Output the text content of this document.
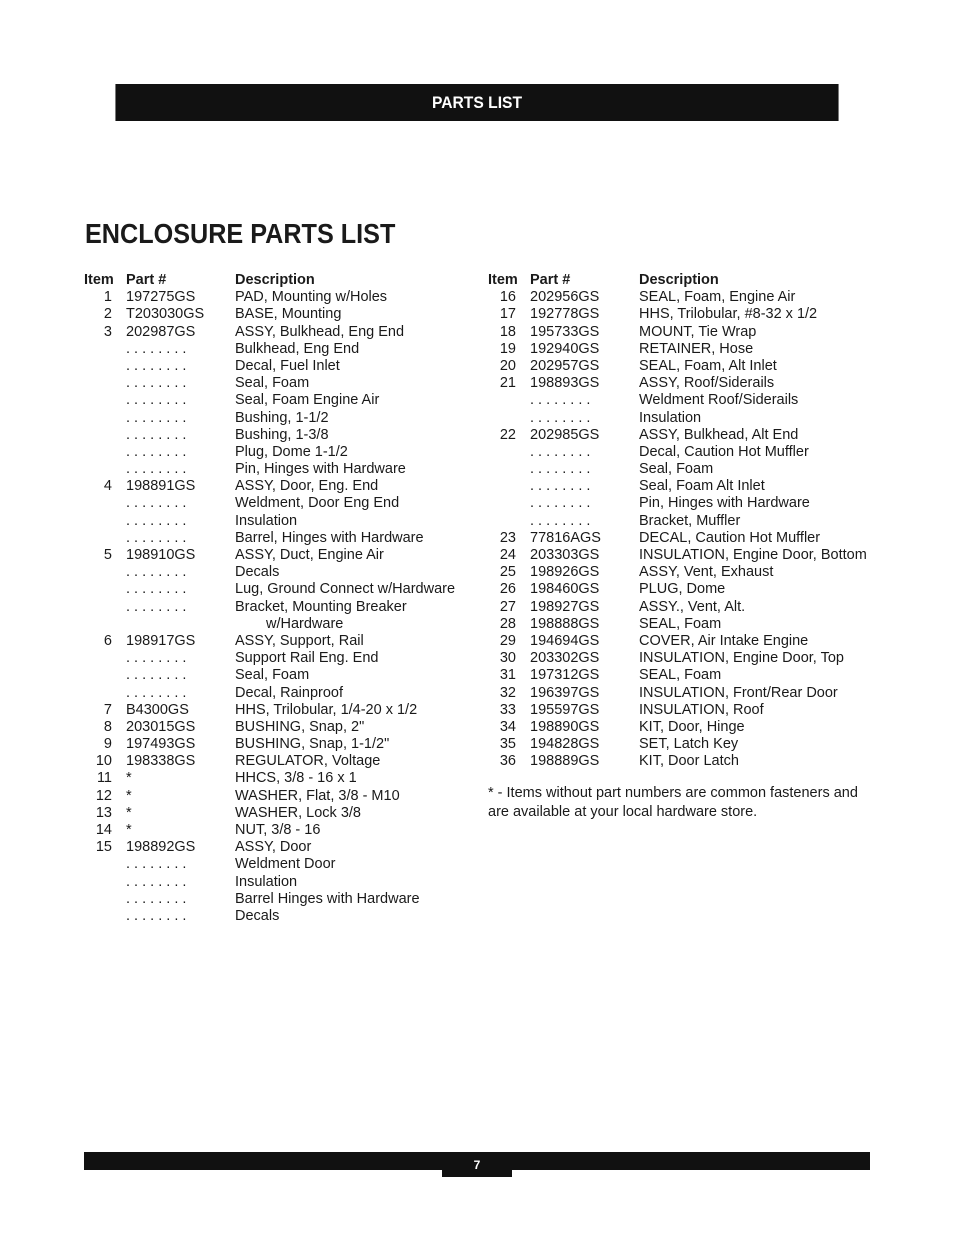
PARTS LIST
ENCLOSURE PARTS LIST
Item Part #	Description
1 197275GS	PAD, Mounting w/Holes
2 T203030GS BASE, Mounting
3 202987GS	ASSY, Bulkhead, Eng End
. . . . . . . .	Bulkhead, Eng End
. . . . . . . .	Decal, Fuel Inlet
. . . . . . . .	Seal, Foam
. . . . . . . .	Seal, Foam Engine Air
. . . . . . . .	Bushing, 1-1/2
. . . . . . . .	Bushing, 1-3/8
. . . . . . . .	Plug, Dome 1-1/2
. . . . . . . .	Pin, Hinges with Hardware
4 198891GS	ASSY, Door, Eng. End
. . . . . . . .	Weldment, Door Eng End
. . . . . . . .	Insulation
. . . . . . . .	Barrel, Hinges with Hardware
5 198910GS	ASSY, Duct, Engine Air
. . . . . . . .	Decals
. . . . . . . .	Lug, Ground Connect w/Hardware
. . . . . . . .	Bracket, Mounting Breaker
w/Hardware
6 198917GS	ASSY, Support, Rail
. . . . . . . .	Support Rail Eng. End
. . . . . . . .	Seal, Foam
. . . . . . . .	Decal, Rainproof
7 B4300GS	HHS, Trilobular, 1/4-20 x 1/2
8 203015GS	BUSHING, Snap, 2"
9 197493GS	BUSHING, Snap, 1-1/2"
10 198338GS	REGULATOR, Voltage
11 *	HHCS, 3/8 - 16 x 1
12 *	WASHER, Flat, 3/8 - M10
13 *	WASHER, Lock 3/8
14 *	NUT, 3/8 - 16
15 198892GS	ASSY, Door
. . . . . . . .	Weldment Door
. . . . . . . .	Insulation
. . . . . . . .	Barrel Hinges with Hardware
. . . . . . . .	Decals
Item Part #	Description
16 202956GS	SEAL, Foam, Engine Air
17 192778GS	HHS, Trilobular, #8-32 x 1/2
18 195733GS	MOUNT, Tie Wrap
19 192940GS	RETAINER, Hose
20 202957GS	SEAL, Foam, Alt Inlet
21 198893GS	ASSY, Roof/Siderails
. . . . . . . .	Weldment Roof/Siderails
. . . . . . . .	Insulation
22 202985GS	ASSY, Bulkhead, Alt End
. . . . . . . .	Decal, Caution Hot Muffler
. . . . . . . .	Seal, Foam
. . . . . . . .	Seal, Foam Alt Inlet
. . . . . . . .	Pin, Hinges with Hardware
. . . . . . . .	Bracket, Muffler
23 77816AGS	DECAL, Caution Hot Muffler
24 203303GS	INSULATION, Engine Door, Bottom
25 198926GS	ASSY, Vent, Exhaust
26 198460GS	PLUG, Dome
27 198927GS	ASSY., Vent, Alt.
28 198888GS	SEAL, Foam
29 194694GS	COVER, Air Intake Engine
30 203302GS	INSULATION, Engine Door, Top
31 197312GS	SEAL, Foam
32 196397GS	INSULATION, Front/Rear Door
33 195597GS	INSULATION, Roof
34 198890GS	KIT, Door, Hinge
35 194828GS	SET, Latch Key
36 198889GS	KIT, Door Latch
* - Items without part numbers are common fasteners and are available at your local hardware store.
7
